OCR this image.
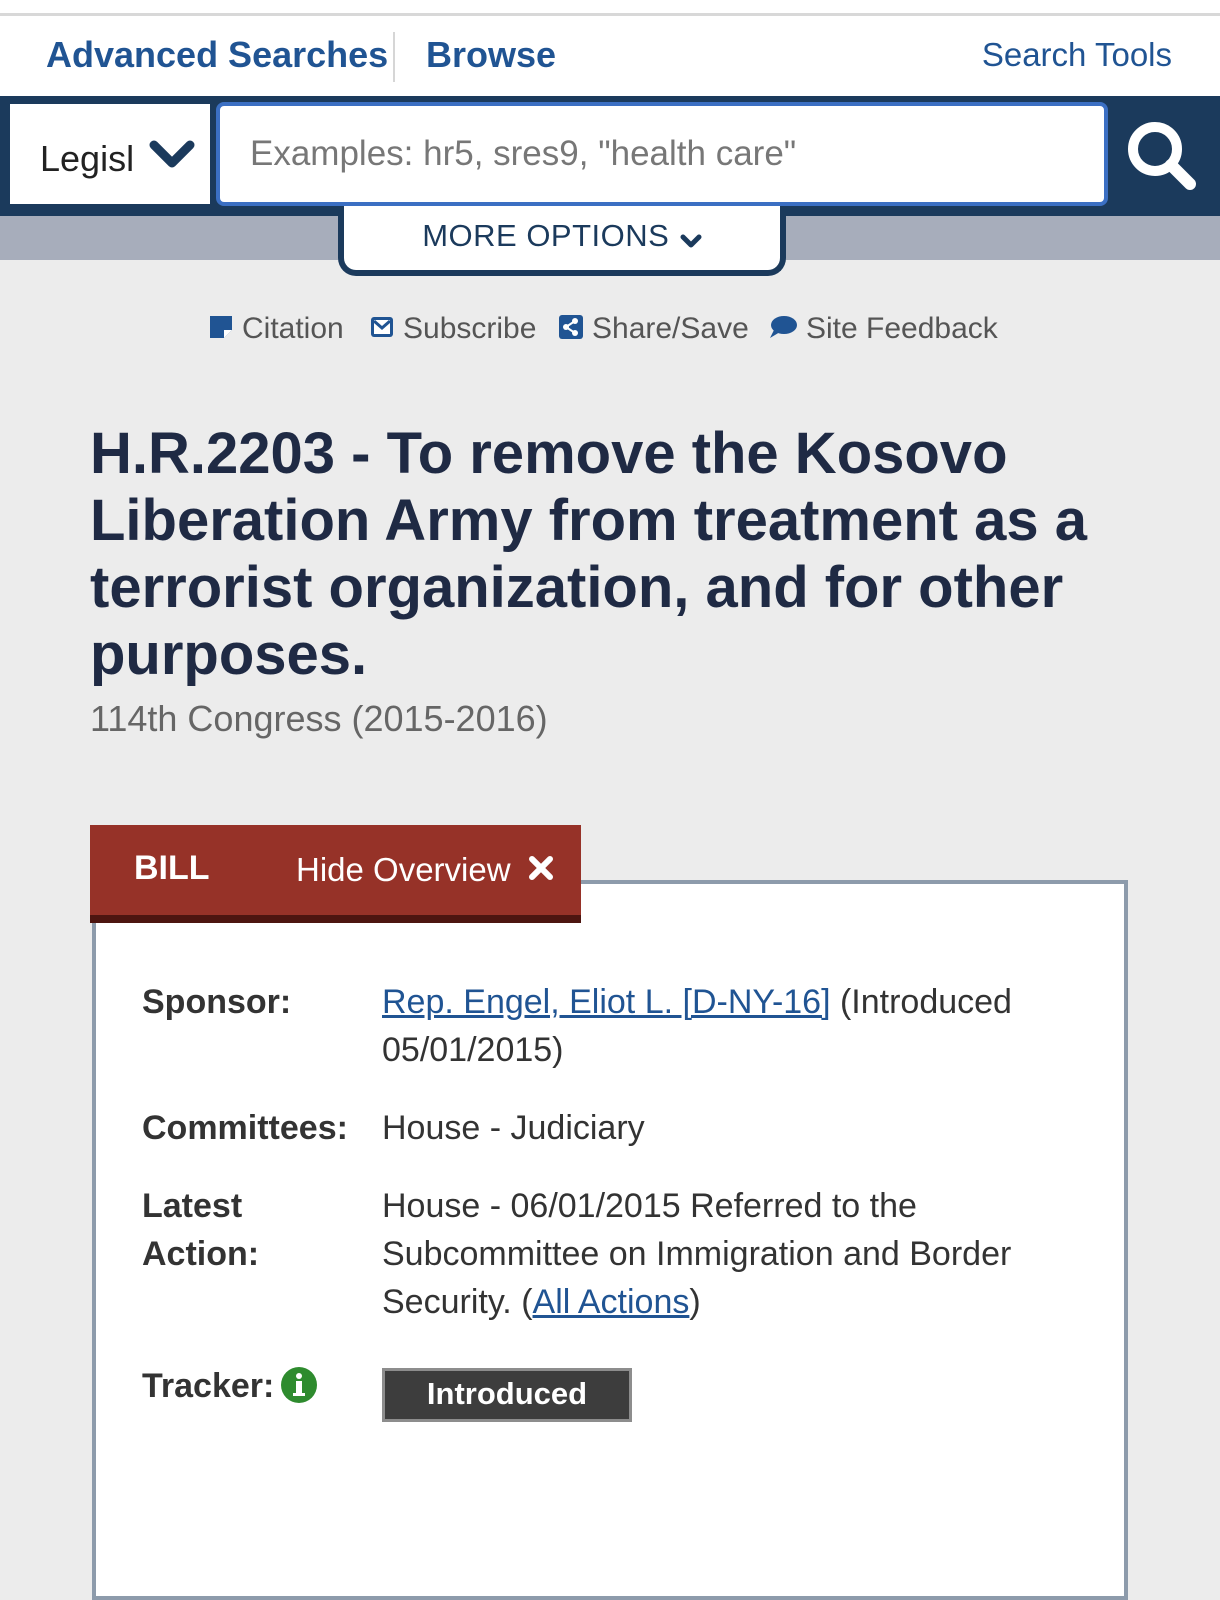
Advanced Searches Browse	Search Tools
Legisl
Examples: hr5, sres9, "health care"
MORE OPTIONS
Citation	Subscribe	Share/Save	Site Feedback
H.R.2203 - To remove the Kosovo Liberation Army from treatment as a terrorist organization, and for other purposes.
114th Congress (2015-2016)
BILL	Hide Overview
Sponsor:	Rep. Engel, Eliot L. [D-NY-16] (Introduced 05/01/2015)
Committees: House - Judiciary
Latest
Action:
House - 06/01/2015 Referred to the Subcommittee on Immigration and Border Security. (All Actions)
Tracker:	Introduced
